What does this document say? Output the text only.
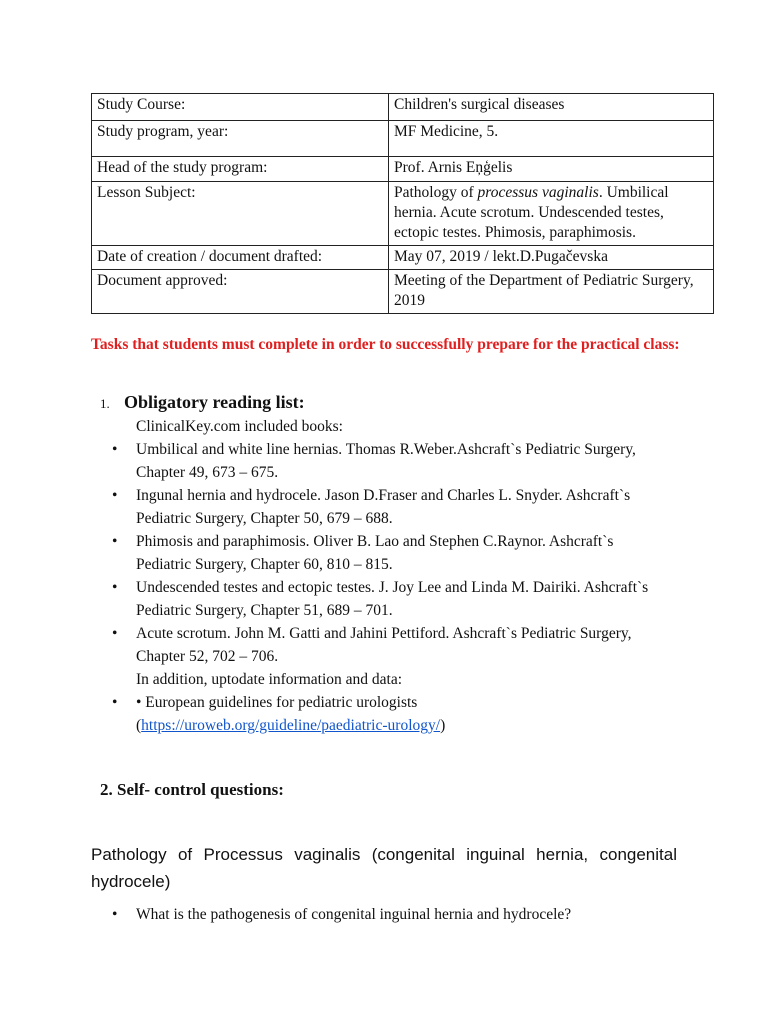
Study Course:	Children's surgical diseases
Study program, year:	MF Medicine, 5.
Head of the study program:	Prof. Arnis Eņģelis
Lesson Subject:	Pathology of processus vaginalis. Umbilical hernia. Acute scrotum. Undescended testes, ectopic testes. Phimosis, paraphimosis.
Date of creation / document drafted:	May 07, 2019 / lekt.D.Pugačevska
Document approved:	Meeting of the Department of Pediatric Surgery, 2019
Tasks that students must complete in order to successfully prepare for the practical class:
1. Obligatory reading list:
ClinicalKey.com included books:
• Umbilical and white line hernias. Thomas R.Weber.Ashcraft`s Pediatric Surgery, Chapter 49, 673 – 675.
• Ingunal hernia and hydrocele. Jason D.Fraser and Charles L. Snyder. Ashcraft`s Pediatric Surgery, Chapter 50, 679 – 688.
• Phimosis and paraphimosis. Oliver B. Lao and Stephen C.Raynor. Ashcraft`s Pediatric Surgery, Chapter 60, 810 – 815.
• Undescended testes and ectopic testes. J. Joy Lee and Linda M. Dairiki. Ashcraft`s Pediatric Surgery, Chapter 51, 689 – 701.
• Acute scrotum. John M. Gatti and Jahini Pettiford. Ashcraft`s Pediatric Surgery, Chapter 52, 702 – 706.
In addition, uptodate information and data:
• • European guidelines for pediatric urologists
(https://uroweb.org/guideline/paediatric-urology/)
2. Self- control questions:
Pathology of Processus vaginalis (congenital inguinal hernia, congenital hydrocele)
• What is the pathogenesis of congenital inguinal hernia and hydrocele?
